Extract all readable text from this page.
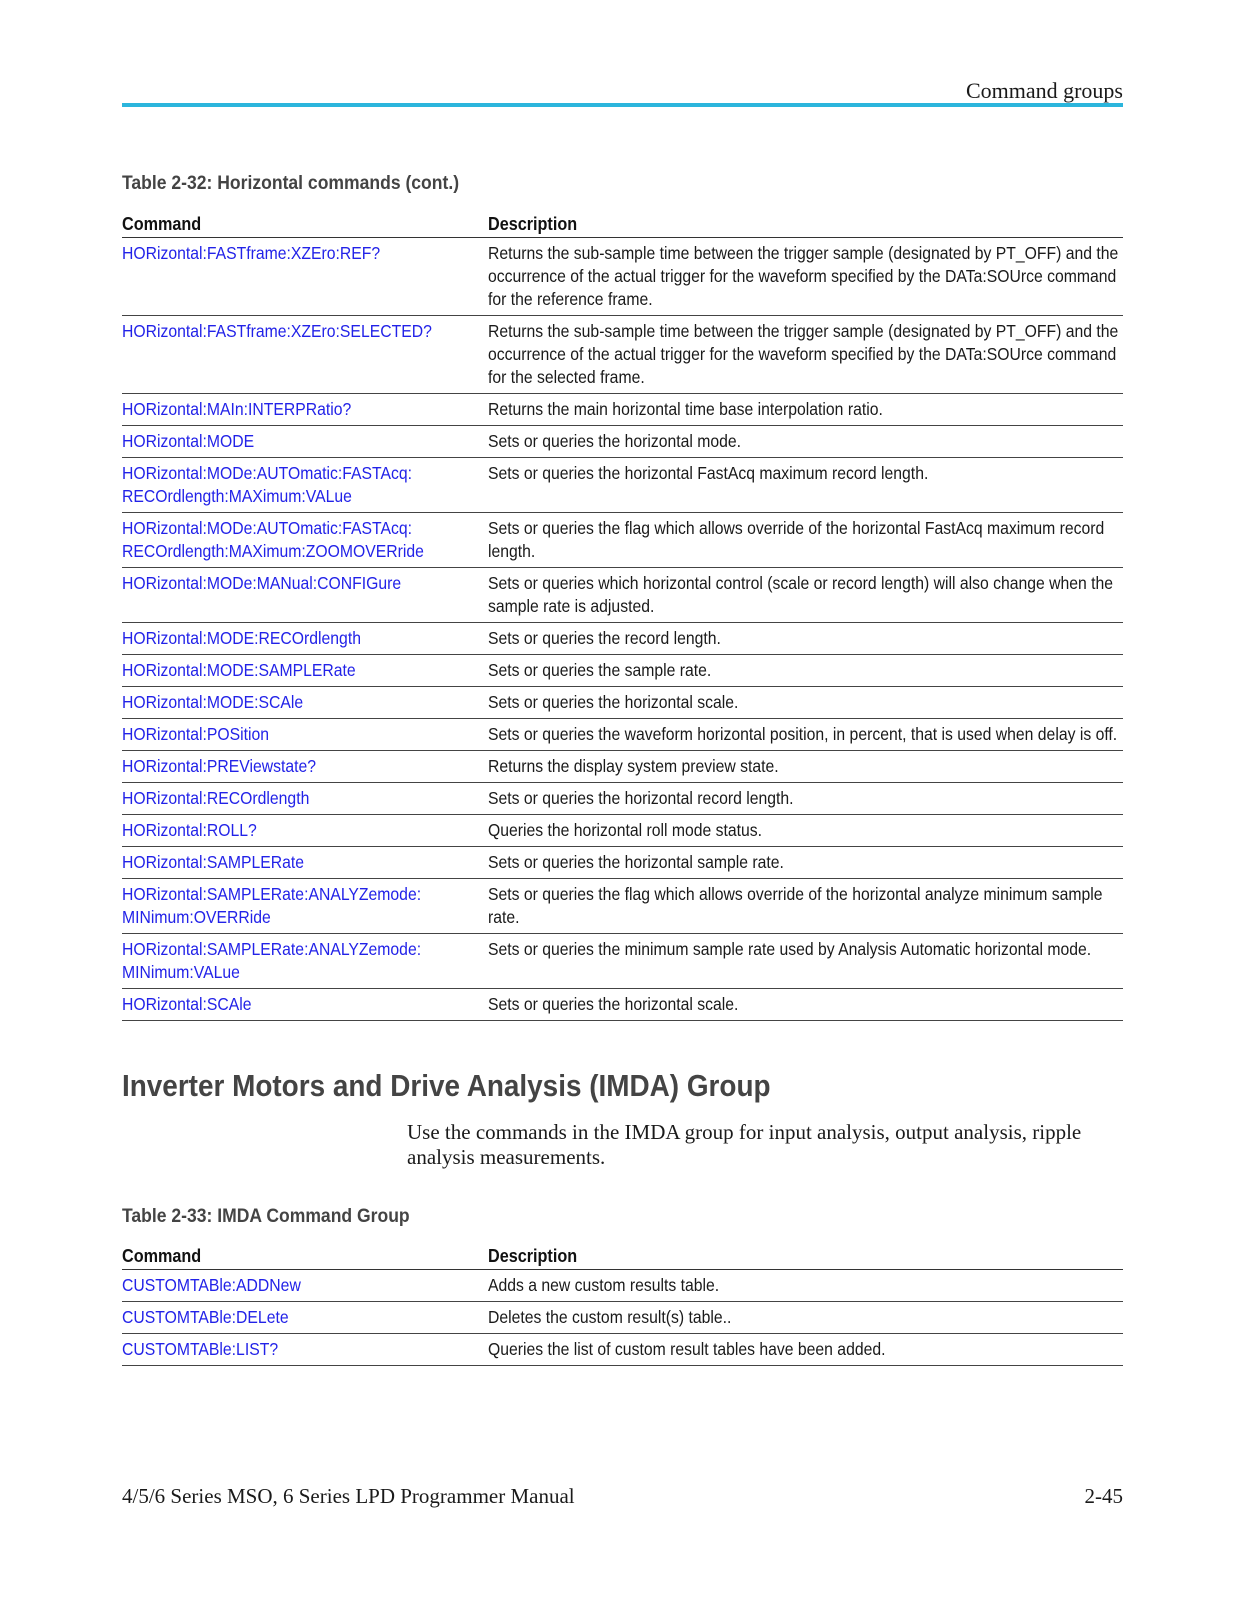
Command groups
Table 2-32: Horizontal commands (cont.)
Command	Description
HORizontal:FASTframe:XZEro:REF?	Returns the sub-sample time between the trigger sample (designated by PT_OFF) and the occurrence of the actual trigger for the waveform specified by the DATa:SOUrce command for the reference frame.
HORizontal:FASTframe:XZEro:SELECTED?	Returns the sub-sample time between the trigger sample (designated by PT_OFF) and the occurrence of the actual trigger for the waveform specified by the DATa:SOUrce command for the selected frame.
HORizontal:MAIn:INTERPRatio?	Returns the main horizontal time base interpolation ratio.
HORizontal:MODE	Sets or queries the horizontal mode.
HORizontal:MODe:AUTOmatic:FASTAcq: RECOrdlength:MAXimum:VALue	Sets or queries the horizontal FastAcq maximum record length.
HORizontal:MODe:AUTOmatic:FASTAcq: RECOrdlength:MAXimum:ZOOMOVERride	Sets or queries the flag which allows override of the horizontal FastAcq maximum record length.
HORizontal:MODe:MANual:CONFIGure	Sets or queries which horizontal control (scale or record length) will also change when the sample rate is adjusted.
HORizontal:MODE:RECOrdlength	Sets or queries the record length.
HORizontal:MODE:SAMPLERate	Sets or queries the sample rate.
HORizontal:MODE:SCAle	Sets or queries the horizontal scale.
HORizontal:POSition	Sets or queries the waveform horizontal position, in percent, that is used when delay is off.
HORizontal:PREViewstate?	Returns the display system preview state.
HORizontal:RECOrdlength	Sets or queries the horizontal record length.
HORizontal:ROLL?	Queries the horizontal roll mode status.
HORizontal:SAMPLERate	Sets or queries the horizontal sample rate.
HORizontal:SAMPLERate:ANALYZemode: MINimum:OVERRide	Sets or queries the flag which allows override of the horizontal analyze minimum sample rate.
HORizontal:SAMPLERate:ANALYZemode: MINimum:VALue	Sets or queries the minimum sample rate used by Analysis Automatic horizontal mode.
HORizontal:SCAle	Sets or queries the horizontal scale.
Inverter Motors and Drive Analysis (IMDA) Group
Use the commands in the IMDA group for input analysis, output analysis, ripple analysis measurements.
Table 2-33: IMDA Command Group
Command	Description
CUSTOMTABle:ADDNew	Adds a new custom results table.
CUSTOMTABle:DELete	Deletes the custom result(s) table..
CUSTOMTABle:LIST?	Queries the list of custom result tables have been added.
4/5/6 Series MSO, 6 Series LPD Programmer Manual	2-45
